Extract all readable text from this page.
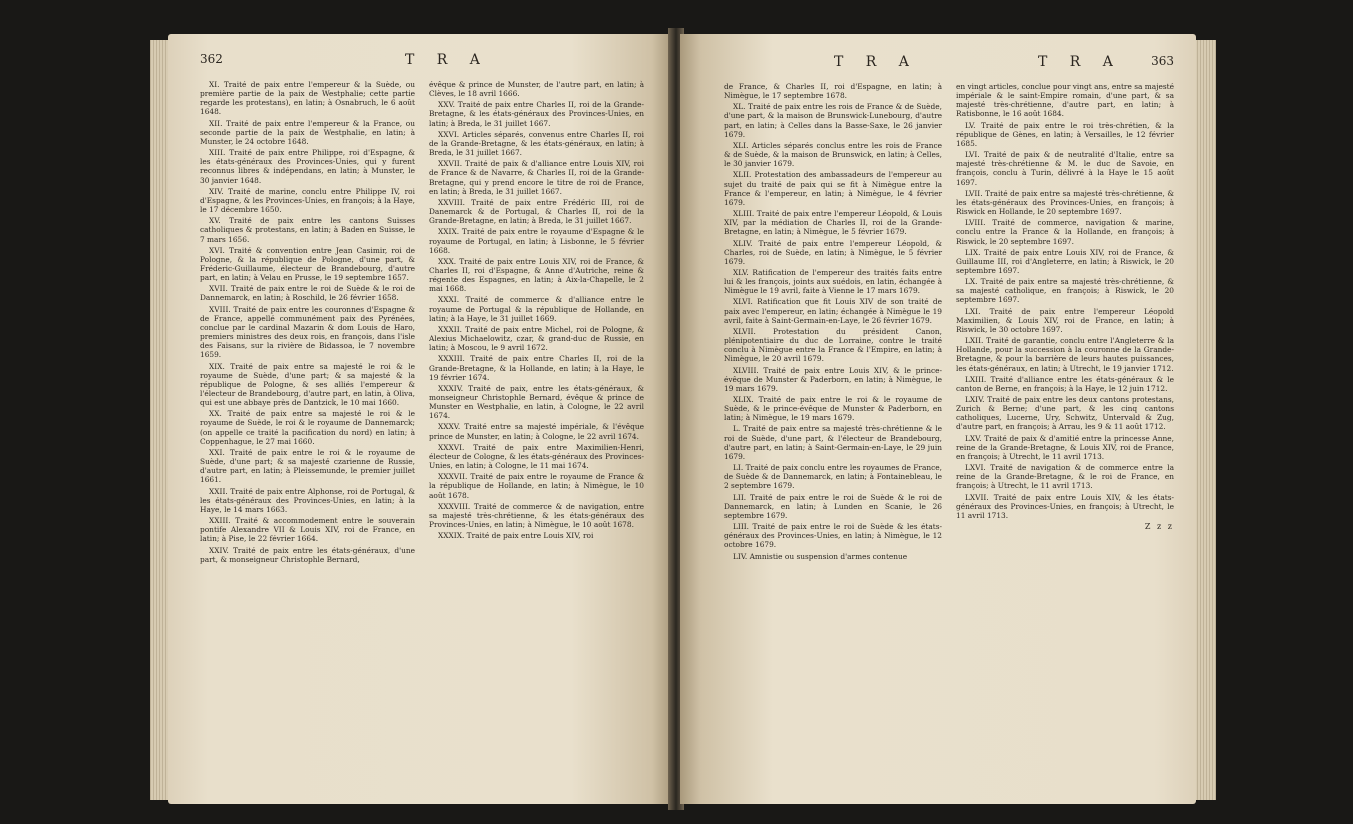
362	T R A

XI. Traité de paix entre l'empereur & la Suède, ou première partie de la paix de Westphalie; cette partie regarde les protestans), en latin; à Osnabruch, le 6 août 1648.

XII. Traité de paix entre l'empereur & la France, ou seconde partie de la paix de Westphalie, en latin; à Munster, le 24 octobre 1648.

XIII. Traité de paix entre Philippe, roi d'Espagne, & les états-généraux des Provinces-Unies, qui y furent reconnus libres & indépendans, en latin; à Munster, le 30 janvier 1648.

XIV. Traité de marine, conclu entre Philippe IV, roi d'Espagne, & les Provinces-Unies, en françois; à la Haye, le 17 décembre 1650.

XV. Traité de paix entre les cantons Suisses catholiques & protestans, en latin; à Baden en Suisse, le 7 mars 1656.

XVI. Traité & convention entre Jean Casimir, roi de Pologne, & la république de Pologne, d'une part, & Fréderic-Guillaume, électeur de Brandebourg, d'autre part, en latin; à Velau en Prusse, le 19 septembre 1657.

XVII. Traité de paix entre le roi de Suède & le roi de Dannemarck, en latin; à Roschild, le 26 février 1658.

XVIII. Traité de paix entre les couronnes d'Espagne & de France, appellé communément paix des Pyrénées, conclue par le cardinal Mazarin & dom Louis de Haro, premiers ministres des deux rois, en françois, dans l'isle des Faisans, sur la rivière de Bidassoa, le 7 novembre 1659.

XIX. Traité de paix entre sa majesté le roi & le royaume de Suède, d'une part; & sa majesté & la république de Pologne, & ses alliés l'empereur & l'électeur de Brandebourg, d'autre part, en latin, à Oliva, qui est une abbaye près de Dantzick, le 10 mai 1660.

XX. Traité de paix entre sa majesté le roi & le royaume de Suède, le roi & le royaume de Dannemarck; (on appelle ce traité la pacification du nord) en latin; à Coppenhague, le 27 mai 1660.

XXI. Traité de paix entre le roi & le royaume de Suède, d'une part; & sa majesté czarienne de Russie, d'autre part, en latin; à Pleissemunde, le premier juillet 1661.

XXII. Traité de paix entre Alphonse, roi de Portugal, & les états-généraux des Provinces-Unies, en latin; à la Haye, le 14 mars 1663.

XXIII. Traité & accommodement entre le souverain pontife Alexandre VII & Louis XIV, roi de France, en latin; à Pise, le 22 février 1664.

XXIV. Traité de paix entre les états-généraux, d'une part, & monseigneur Christophle Bernard,

évêque & prince de Munster, de l'autre part, en latin; à Clèves, le 18 avril 1666.

XXV. Traité de paix entre Charles II, roi de la Grande-Bretagne, & les états-généraux des Provinces-Unies, en latin; à Breda, le 31 juillet 1667.

XXVI. Articles séparés, convenus entre Charles II, roi de la Grande-Bretagne, & les états-généraux, en latin; à Breda, le 31 juillet 1667.

XXVII. Traité de paix & d'alliance entre Louis XIV, roi de France & de Navarre, & Charles II, roi de la Grande-Bretagne, qui y prend encore le titre de roi de France, en latin; à Breda, le 31 juillet 1667.

XXVIII. Traité de paix entre Frédéric III, roi de Danemarck & de Portugal, & Charles II, roi de la Grande-Bretagne, en latin; à Breda, le 31 juillet 1667.

XXIX. Traité de paix entre le royaume d'Espagne & le royaume de Portugal, en latin; à Lisbonne, le 5 février 1668.

XXX. Traité de paix entre Louis XIV, roi de France, & Charles II, roi d'Espagne, & Anne d'Autriche, reine & régente des Espagnes, en latin; à Aix-la-Chapelle, le 2 mai 1668.

XXXI. Traité de commerce & d'alliance entre le royaume de Portugal & la république de Hollande, en latin; à la Haye, le 31 juillet 1669.

XXXII. Traité de paix entre Michel, roi de Pologne, & Alexius Michaelowitz, czar, & grand-duc de Russie, en latin; à Moscou, le 9 avril 1672.

XXXIII. Traité de paix entre Charles II, roi de la Grande-Bretagne, & la Hollande, en latin; à la Haye, le 19 février 1674.

XXXIV. Traité de paix, entre les états-généraux, & monseigneur Christophle Bernard, évêque & prince de Munster en Westphalie, en latin, à Cologne, le 22 avril 1674.

XXXV. Traité entre sa majesté impériale, & l'évêque prince de Munster, en latin; à Cologne, le 22 avril 1674.

XXXVI. Traité de paix entre Maximilien-Henri, électeur de Cologne, & les états-généraux des Provinces-Unies, en latin; à Cologne, le 11 mai 1674.

XXXVII. Traité de paix entre le royaume de France & la république de Hollande, en latin; à Nimègue, le 10 août 1678.

XXXVIII. Traité de commerce & de navigation, entre sa majesté très-chrétienne, & les états-généraux des Provinces-Unies, en latin; à Nimègue, le 10 août 1678.

XXXIX. Traité de paix entre Louis XIV, roi

T R A	T R A 363

de France, & Charles II, roi d'Espagne, en latin; à Nimègue, le 17 septembre 1678.

XL. Traité de paix entre les rois de France & de Suède, d'une part, & la maison de Brunswick-Lunebourg, d'autre part, en latin; à Celles dans la Basse-Saxe, le 26 janvier 1679.

XLI. Articles séparés conclus entre les rois de France & de Suède, & la maison de Brunswick, en latin; à Celles, le 30 janvier 1679.

XLII. Protestation des ambassadeurs de l'empereur au sujet du traité de paix qui se fit à Nimègue entre la France & l'empereur, en latin; à Nimègue, le 4 février 1679.

XLIII. Traité de paix entre l'empereur Léopold, & Louis XIV, par la médiation de Charles II, roi de la Grande-Bretagne, en latin; à Nimègue, le 5 février 1679.

XLIV. Traité de paix entre l'empereur Léopold, & Charles, roi de Suède, en latin; à Nimègue, le 5 février 1679.

XLV. Ratification de l'empereur des traités faits entre lui & les françois, joints aux suédois, en latin, échangée à Nimègue le 19 avril, faite à Vienne le 17 mars 1679.

XLVI. Ratification que fit Louis XIV de son traité de paix avec l'empereur, en latin; échangée à Nimègue le 19 avril, faite à Saint-Germain-en-Laye, le 26 février 1679.

XLVII. Protestation du président Canon, plénipotentiaire du duc de Lorraine, contre le traité conclu à Nimègue entre la France & l'Empire, en latin; à Nimègue, le 20 avril 1679.

XLVIII. Traité de paix entre Louis XIV, & le prince-évêque de Munster & Paderborn, en latin; à Nimègue, le 19 mars 1679.

XLIX. Traité de paix entre le roi & le royaume de Suède, & le prince-évêque de Munster & Paderborn, en latin; à Nimègue, le 19 mars 1679.

L. Traité de paix entre sa majesté très-chrétienne & le roi de Suède, d'une part, & l'électeur de Brandebourg, d'autre part, en latin; à Saint-Germain-en-Laye, le 29 juin 1679.

LI. Traité de paix conclu entre les royaumes de France, de Suède & de Dannemarck, en latin; à Fontainebleau, le 2 septembre 1679.

LII. Traité de paix entre le roi de Suède & le roi de Dannemarck, en latin; à Lunden en Scanie, le 26 septembre 1679.

LIII. Traité de paix entre le roi de Suède & les états-généraux des Provinces-Unies, en latin; à Nimègue, le 12 octobre 1679.

LIV. Amnistie ou suspension d'armes contenue

en vingt articles, conclue pour vingt ans, entre sa majesté impériale & le saint-Empire romain, d'une part, & sa majesté très-chrétienne, d'autre part, en latin; à Ratisbonne, le 16 août 1684.

LV. Traité de paix entre le roi très-chrétien, & la république de Gènes, en latin; à Versailles, le 12 février 1685.

LVI. Traité de paix & de neutralité d'Italie, entre sa majesté très-chrétienne & M. le duc de Savoie, en françois, conclu à Turin, délivré à la Haye le 15 août 1697.

LVII. Traité de paix entre sa majesté très-chrétienne, & les états-généraux des Provinces-Unies, en françois; à Riswick en Hollande, le 20 septembre 1697.

LVIII. Traité de commerce, navigation & marine, conclu entre la France & la Hollande, en françois; à Riswick, le 20 septembre 1697.

LIX. Traité de paix entre Louis XIV, roi de France, & Guillaume III, roi d'Angleterre, en latin; à Riswick, le 20 septembre 1697.

LX. Traité de paix entre sa majesté très-chrétienne, & sa majesté catholique, en françois; à Riswick, le 20 septembre 1697.

LXI. Traité de paix entre l'empereur Léopold Maximilien, & Louis XIV, roi de France, en latin; à Riswick, le 30 octobre 1697.

LXII. Traité de garantie, conclu entre l'Angleterre & la Hollande, pour la succession à la couronne de la Grande-Bretagne, & pour la barrière de leurs hautes puissances, les états-généraux, en latin; à Utrecht, le 19 janvier 1712.

LXIII. Traité d'alliance entre les états-généraux & le canton de Berne, en françois; à la Haye, le 12 juin 1712.

LXIV. Traité de paix entre les deux cantons protestans, Zurich & Berne; d'une part, & les cinq cantons catholiques, Lucerne, Ury, Schwitz, Untervald & Zug, d'autre part, en françois; à Arrau, les 9 & 11 août 1712.

LXV. Traité de paix & d'amitié entre la princesse Anne, reine de la Grande-Bretagne, & Louis XIV, roi de France, en françois; à Utrecht, le 11 avril 1713.

LXVI. Traité de navigation & de commerce entre la reine de la Grande-Bretagne, & le roi de France, en françois; à Utrecht, le 11 avril 1713.

LXVII. Traité de paix entre Louis XIV, & les états-généraux des Provinces-Unies, en françois; à Utrecht, le 11 avril 1713.

Z z z
